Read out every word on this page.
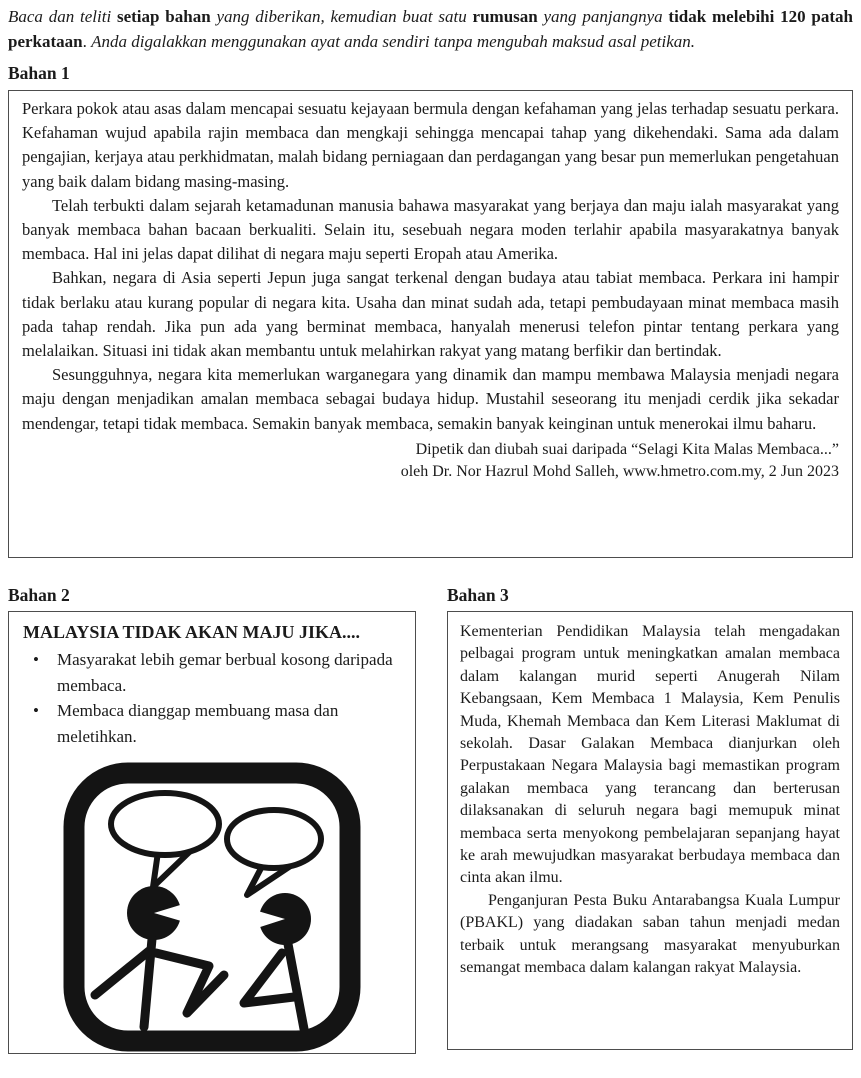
Baca dan teliti setiap bahan yang diberikan, kemudian buat satu rumusan yang panjangnya tidak melebihi 120 patah perkataan. Anda digalakkan menggunakan ayat anda sendiri tanpa mengubah maksud asal petikan.
Bahan 1

Perkara pokok atau asas dalam mencapai sesuatu kejayaan bermula dengan kefahaman yang jelas terhadap sesuatu perkara. Kefahaman wujud apabila rajin membaca dan mengkaji sehingga mencapai tahap yang dikehendaki. Sama ada dalam pengajian, kerjaya atau perkhidmatan, malah bidang perniagaan dan perdagangan yang besar pun memerlukan pengetahuan yang baik dalam bidang masing-masing.

Telah terbukti dalam sejarah ketamadunan manusia bahawa masyarakat yang berjaya dan maju ialah masyarakat yang banyak membaca bahan bacaan berkualiti. Selain itu, sesebuah negara moden terlahir apabila masyarakatnya banyak membaca. Hal ini jelas dapat dilihat di negara maju seperti Eropah atau Amerika.

Bahkan, negara di Asia seperti Jepun juga sangat terkenal dengan budaya atau tabiat membaca. Perkara ini hampir tidak berlaku atau kurang popular di negara kita. Usaha dan minat sudah ada, tetapi pembudayaan minat membaca masih pada tahap rendah. Jika pun ada yang berminat membaca, hanyalah menerusi telefon pintar tentang perkara yang melalaikan. Situasi ini tidak akan membantu untuk melahirkan rakyat yang matang berfikir dan bertindak.

Sesungguhnya, negara kita memerlukan warganegara yang dinamik dan mampu membawa Malaysia menjadi negara maju dengan menjadikan amalan membaca sebagai budaya hidup. Mustahil seseorang itu menjadi cerdik jika sekadar mendengar, tetapi tidak membaca. Semakin banyak membaca, semakin banyak keinginan untuk menerokai ilmu baharu.

Dipetik dan diubah suai daripada “Selagi Kita Malas Membaca...”
oleh Dr. Nor Hazrul Mohd Salleh, www.hmetro.com.my, 2 Jun 2023
Bahan 2
MALAYSIA TIDAK AKAN MAJU JIKA....
• Masyarakat lebih gemar berbual kosong daripada membaca.
• Membaca dianggap membuang masa dan meletihkan.
Bahan 3

Kementerian Pendidikan Malaysia telah mengadakan pelbagai program untuk meningkatkan amalan membaca dalam kalangan murid seperti Anugerah Nilam Kebangsaan, Kem Membaca 1 Malaysia, Kem Penulis Muda, Khemah Membaca dan Kem Literasi Maklumat di sekolah. Dasar Galakan Membaca dianjurkan oleh Perpustakaan Negara Malaysia bagi memastikan program galakan membaca yang terancang dan berterusan dilaksanakan di seluruh negara bagi memupuk minat membaca serta menyokong pembelajaran sepanjang hayat ke arah mewujudkan masyarakat berbudaya membaca dan cinta akan ilmu.

Penganjuran Pesta Buku Antarabangsa Kuala Lumpur (PBAKL) yang diadakan saban tahun menjadi medan terbaik untuk merangsang masyarakat menyuburkan semangat membaca dalam kalangan rakyat Malaysia.
